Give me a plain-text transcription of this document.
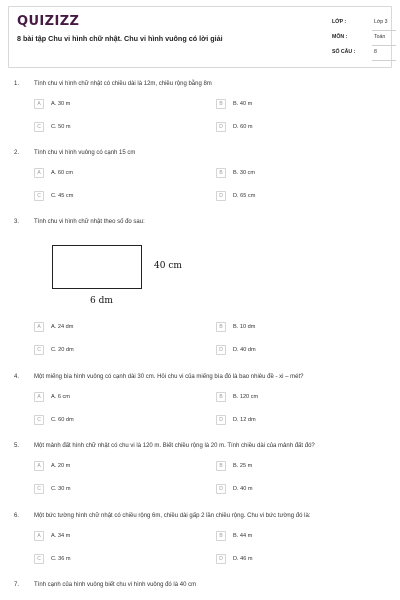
QUIZIZZ
8 bài tập Chu vi hình chữ nhật. Chu vi hình vuông có lời giải
LỚP :	Lớp 3
MÔN :	Toán
SỐ CÂU :	8
1. Tính chu vi hình chữ nhật có chiều dài là 12m, chiều rộng bằng 8m
A	A. 30 m	B	B. 40 m
C	C. 50 m	D	D. 60 m
2. Tính chu vi hình vuông có cạnh 15 cm
A	A. 60 cm	B	B. 30 cm
C	C. 45 cm	D	D. 65 cm
3. Tính chu vi hình chữ nhật theo số đo sau:
40 cm
6 dm
A	A. 24 dm	B	B. 10 dm
C	C. 20 dm	D	D. 40 dm
4. Một miếng bìa hình vuông có cạnh dài 30 cm. Hỏi chu vi của miếng bìa đó là bao nhiêu đề - xi – mét?
A	A. 6 cm	B	B. 120 cm
C	C. 60 dm	D	D. 12 dm
5. Một mảnh đất hình chữ nhật có chu vi là 120 m. Biết chiều rộng là 20 m. Tính chiều dài của mảnh đất đó?
A	A. 20 m	B	B. 25 m
C	C. 30 m	D	D. 40 m
6. Một bức tường hình chữ nhật có chiều rộng 6m, chiều dài gấp 2 lần chiều rộng. Chu vi bức tường đó là:
A	A. 34 m	B	B. 44 m
C	C. 36 m	D	D. 46 m
7. Tính cạnh của hình vuông biết chu vi hình vuông đó là 40 cm
